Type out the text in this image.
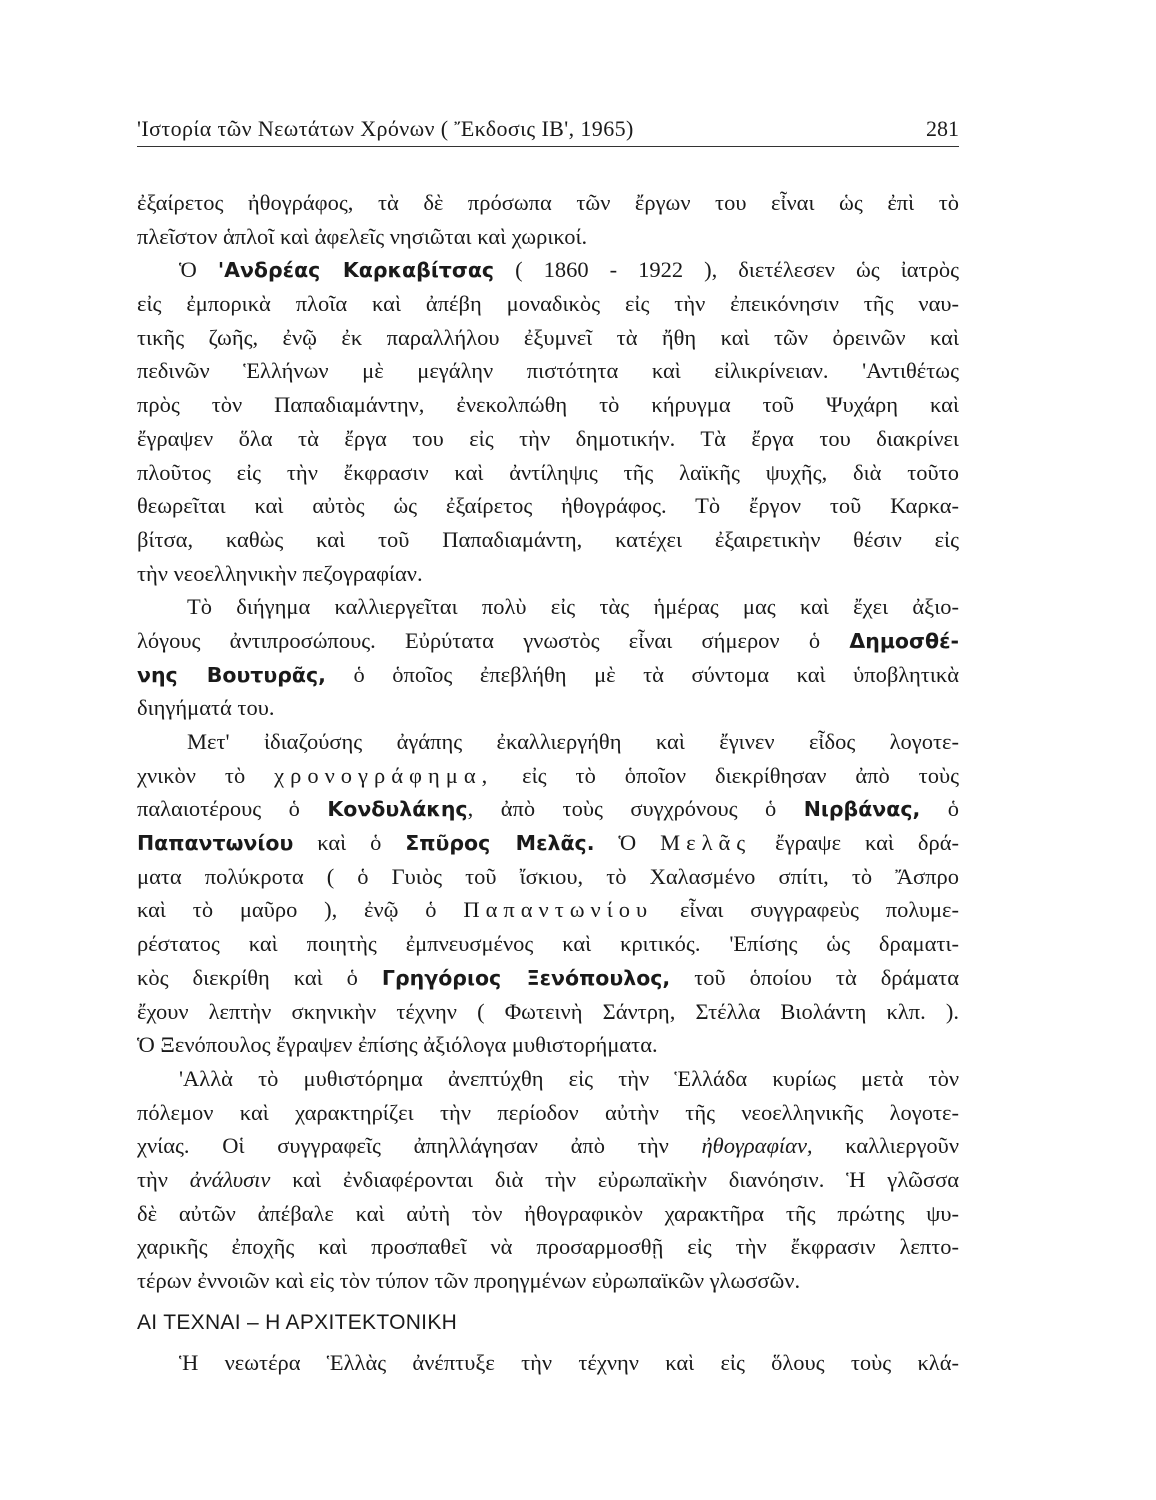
'Ιστορία τῶν Νεωτάτων Χρόνων ( Ἔκδοσις ΙΒ', 1965)	281
ἐξαίρετος ἠθογράφος, τὰ δὲ πρόσωπα τῶν ἔργων του εἶναι ὡς ἐπὶ τὸ
πλεῖστον ἁπλοῖ καὶ ἀφελεῖς νησιῶται καὶ χωρικοί.
Ὁ 'Ανδρέας Καρκαβίτσας ( 1860 - 1922 ), διετέλεσεν ὡς ἰατρὸς
εἰς ἐμπορικὰ πλοῖα καὶ ἀπέβη μοναδικὸς εἰς τὴν ἐπεικόνησιν τῆς ναυ-
τικῆς ζωῆς, ἐνῷ ἐκ παραλλήλου ἐξυμνεῖ τὰ ἤθη καὶ τῶν ὀρεινῶν καὶ
πεδινῶν Ἑλλήνων μὲ μεγάλην πιστότητα καὶ εἰλικρίνειαν. 'Αντιθέτως
πρὸς τὸν Παπαδιαμάντην, ἐνεκολπώθη τὸ κήρυγμα τοῦ Ψυχάρη καὶ
ἔγραψεν ὅλα τὰ ἔργα του εἰς τὴν δημοτικήν. Τὰ ἔργα του διακρίνει
πλοῦτος εἰς τὴν ἔκφρασιν καὶ ἀντίληψις τῆς λαϊκῆς ψυχῆς, διὰ τοῦτο
θεωρεῖται καὶ αὐτὸς ὡς ἐξαίρετος ἠθογράφος. Τὸ ἔργον τοῦ Καρκα-
βίτσα, καθὼς καὶ τοῦ Παπαδιαμάντη, κατέχει ἐξαιρετικὴν θέσιν εἰς
τὴν νεοελληνικὴν πεζογραφίαν.
Τὸ διήγημα καλλιεργεῖται πολὺ εἰς τὰς ἡμέρας μας καὶ ἔχει ἀξιο-
λόγους ἀντιπροσώπους. Εὐρύτατα γνωστὸς εἶναι σήμερον ὁ Δημοσθέ-
νης Βουτυρᾶς, ὁ ὁποῖος ἐπεβλήθη μὲ τὰ σύντομα καὶ ὑποβλητικὰ
διηγήματά του.
Μετ' ἰδιαζούσης ἀγάπης ἐκαλλιεργήθη καὶ ἔγινεν εἶδος λογοτε-
χνικὸν τὸ χρονογράφημα, εἰς τὸ ὁποῖον διεκρίθησαν ἀπὸ τοὺς
παλαιοτέρους ὁ Κονδυλάκης, ἀπὸ τοὺς συγχρόνους ὁ Νιρβάνας, ὁ
Παπαντωνίου καὶ ὁ Σπῦρος Μελᾶς. Ὁ Μελᾶς ἔγραψε καὶ δρά-
ματα πολύκροτα ( ὁ Γυιὸς τοῦ ἴσκιου, τὸ Χαλασμένο σπίτι, τὸ Ἄσπρο
καὶ τὸ μαῦρο ), ἐνῷ ὁ Παπαντωνίου εἶναι συγγραφεὺς πολυμε-
ρέστατος καὶ ποιητὴς ἐμπνευσμένος καὶ κριτικός. 'Επίσης ὡς δραματι-
κὸς διεκρίθη καὶ ὁ Γρηγόριος Ξενόπουλος, τοῦ ὁποίου τὰ δράματα
ἔχουν λεπτὴν σκηνικὴν τέχνην ( Φωτεινὴ Σάντρη, Στέλλα Βιολάντη κλπ. ).
Ὁ Ξενόπουλος ἔγραψεν ἐπίσης ἀξιόλογα μυθιστορήματα.
'Αλλὰ τὸ μυθιστόρημα ἀνεπτύχθη εἰς τὴν Ἑλλάδα κυρίως μετὰ τὸν
πόλεμον καὶ χαρακτηρίζει τὴν περίοδον αὐτὴν τῆς νεοελληνικῆς λογοτε-
χνίας. Οἱ συγγραφεῖς ἀπηλλάγησαν ἀπὸ τὴν ἠθογραφίαν, καλλιεργοῦν
τὴν ἀνάλυσιν καὶ ἐνδιαφέρονται διὰ τὴν εὐρωπαϊκὴν διανόησιν. Ἡ γλῶσσα
δὲ αὐτῶν ἀπέβαλε καὶ αὐτὴ τὸν ἠθογραφικὸν χαρακτῆρα τῆς πρώτης ψυ-
χαρικῆς ἐποχῆς καὶ προσπαθεῖ νὰ προσαρμοσθῇ εἰς τὴν ἔκφρασιν λεπτο-
τέρων ἐννοιῶν καὶ εἰς τὸν τύπον τῶν προηγμένων εὐρωπαϊκῶν γλωσσῶν.
ΑΙ ΤΕΧΝΑΙ – Η ΑΡΧΙΤΕΚΤΟΝΙΚΗ
Ἡ νεωτέρα Ἑλλὰς ἀνέπτυξε τὴν τέχνην καὶ εἰς ὅλους τοὺς κλά-
